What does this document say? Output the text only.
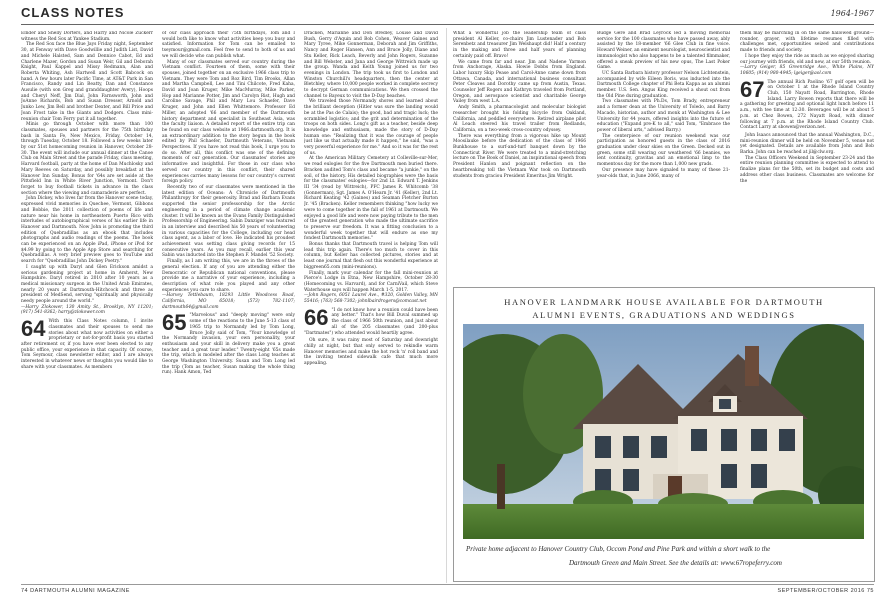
CLASS NOTES	1964-1967

Elnder and Shelly Dorters, and Harry and Nicole Zuckerr witness the Red Sox at Yankee Stadium.

The Red Sox face the Blue Jays Friday night, September 30, at Fenway with Dave Goodwillie and Judith List, David and Michele Halsted, Sam and Dennice Cabot, Ed and Charlene Mazer, Gordon and Susan Weir, Gil and Deborah Knight, Paul Kappel and Missy Redmann, Alan and Roberta Whiting, Ash Hartwell and Scott Babcock on hand. A few hours later Pacific Time, at AT&T Park in San Francisco, Randy and Lin Beatty, Dan and Constance Ausulie (with son Greg and granddaughter Avery), Hoops and Cheryl Neff, Jim Dial, John Farnsworth, John and JoAnne Richards, Bob and Susan Dresser, Arnold and Junko Lew, Jim Bell and brother Dexter, and Bill Price and Joan Frost take in the Giants and Dodgers. Class mini-reunion chair Tom Ferry put it all together.

Minis go through October with more than 100 classmates, spouses and partners for the 75th birthday bash in Santa Fe, New Mexico, Friday, October 14, through Tuesday, October 18. Followed a few weeks later by our 51st homecoming reunion in Hanover, October 28-30. The event will include our annual dinner at the Canoe Club on Main Street and the parade Friday, class meeting, Harvard football, party at the home of Dan Muchlosky and Mary Reeves on Saturday, and possibly breakfast at the Hanover Inn Sunday. Bonus for '64s are set aside at the Pittsfield Inn in White River Junction, Vermont. Don't forget to buy football tickets in advance in the class section where the viewing and camaraderie are perfect.

John Dickey, who lives far from the Hanover scene today, expressed vivid memories in Quechee, Vermont, Gibbons and Bobbie, the 2011 collection of poems of life and nature near his home in northeastern Puerto Rico with interludes of autobiographical verses of his earlier life in Hanover and Dartmouth. Now John is promoting the third edition of Quebradillas as an ebook that includes photographs and audio readings of the poems. The book can be experienced on an Apple iPad, iPhone or iPod for $4.99 by going to the Apple App Store and searching for Quebradillas. A very brief preview goes to YouTube and search for "Quebradillas John Dickey Poetry."

I caught up with Daryl and Glen Erickson amidst a serious gardening project at home in Amherst, New Hampshire. Daryl retired in 2010 after 10 years as a medical missionary surgeon in the United Arab Emirates, nearly 20 years at Dartmouth-Hitchcock and three as president of MedSend, serving "spiritually and physically needy people around the world."

—Harry Zlokower, 130 Amity St., Brooklyn, NY 11201; (917) 541-8362; harry@zlokower.com

64 With this Class Notes column, I invite classmates and their spouses to send me stories about what now activities on either a proprietary or not-for-profit basis you started after retirement or, if you have ever been elected to any public office, your experience in that capacity. Of course, Tom Seymour, class newsletter editor, and I are always interested in whatever news or thoughts you would like to share with your classmates. As members

of our class approach their 75th birthdays, Tom and I would both like to know what activities keep you busy and satisfied. Information for Tom can be emailed to tseymour@gmail.com. Feel free to send to both of us and we will decide who can publish what.

Many of our classmates served our country during the Vietnam conflict. Fourteen of them, some with their spouses, joined together on an exclusive 1966 class trip to Vietnam. They were Tom and Roz Bird, Tim Brooks, Allan and Martha Campbell, Lee and Tini Chilcote, Fred Kaha, David and Joan Kruger, Mike MacMurray, Mike Parker, Hop and Marianne Potter, Jim and Carolyn Rist, Hugh and Caroline Savage, Phil and Mary Lou Schaefer, Dave Kruger, and John and Ellen Whittemore. Professor Ed Miller, an adopted '66 and member of the Dartmouth history department and specialist in Southeast Asia, was the faculty liaison. A detailed report of the entire trip can be found on our class website at 1966.dartmouth.org. It is an extraordinary addition to the story begun in the book edited by Phil Schaefer, Dartmouth Veterans, Vietnam Perspectives. If you have not read this book, I urge you to do so. After all, this conflict was one of the defining moments of our generation. Our classmates' stories are informative and insightful. For those in our class who served our country in this conflict, their shared experiences carries many lessons for our country's current foreign policy.

Recently two of our classmates were mentioned in the latest edition of Oceans: A Chronicle of Dartmouth Philanthropy for their generosity. Brad and Barbara Evans supported the senior professorship for the Arctic engineering in a period of climate change academic cluster. It will be known as the Evans Family Distinguished Professorship of Engineering. Sabin Danziger was featured in an interview and described his 50 years of volunteering in various capacities for the College, including our head class agent, as a labor of love. He indicated his proudest achievement was setting class giving records for 15 consecutive years. As you may recall, earlier this year Sabin was inducted into the Stephen F. Mandel '52 Society.

Finally, as I am writing this, we are in the throes of the general election. If any of you are attending either the Democratic or Republican national conventions, please provide me a narrative of your experience, including a description of what role you played and any other experiences you care to share.

—Harvey Tettlebaum, 18293 Little Woodcess Road, California, MO 65018; (573) 782-1107; dartmouth64@gmail.com

65 "Marvelous" and "deeply moving" were only some of the reactions to the June 5-13 class of 1965 trip to Normandy led by Tom Long, Bruce Jolly said of Tom, "Your knowledge of the Normandy invasion, your own personality, your enthusiasm and your skill in delivery make you a great teacher and a great tour leader." Twenty-eight '65s made the trip, which is modeled after the class Long teaches at George Washington University. Susan and Tom Long led the trip (Tom as teacher, Susan making the whole thing run). Hank Amon, Ted

Dracken, Marianne and Don Bredley, Louise and David Bush, Gerry d'Aquin and Bob Cohen, Weaver Gaines and Mary Tyree, Mike Gonnerman, Deborah and Jim Griffiths, Nancy and Roger Hansen, Ann and Bruce Jolly, Diane and Stu Keller, Rick Leach, Beverly and John Rogers, Suzanne and Bill Webster, and Jana and George Wittreich made up the group. Wanda and Keith Young joined us for two evenings in London. The trip took us first to London and Winston Churchill's headquarters, then the center at Bletchley, where 10,000 people worked in complete secrecy to decrypt German communications. We then crossed the channel to Bayeux to visit the D-Day beaches.

We traveled those Normandy shores and learned about the brilliant deception (Hitler was sure the landing would be at the Pas de Calais); the good, bad and tragic luck; the scrambled logistics; and the grit and determination of the troops on both sides. Long's gift as a teacher, beside deep knowledge and enthusiasm, made the story of D-Day human one: "Realizing that it was the courage of people just like us that actually made it happen," he said, "was a very powerful experience for me." And so it was for the rest of us.

At the American Military Cemetery at Colleville-sur-Mer, we read eulogies for the five Dartmouth men buried there. Bracken audited Tom's class and became "a junkie," on the soil, of the history. His detailed biographies were the basis for the classmates' eulogies—for 2nd Lt. Edward T. Jenkins III '34 (read by Wittreich), PFC James R. Whitcomb '38 (Gonnerman), Sgt. James A. O'Hearn Jr. '41 (Keller), 2nd Lt. Richard Keating '42 (Gaines) and Seaman Fletcher Burton Jr. '45 (Bracken). Keller remembers thinking "how lucky we were to come together in the fall of 1961 at Dartmouth. We enjoyed a good life and were now paying tribute to the men of the greatest generation who made the ultimate sacrifice to preserve our freedom. It was a fitting conclusion to a wonderful week together that will endure as one my fondest Dartmouth memories."

Bonus thanks that Dartmouth travel is helping Tom will lead this trip again. There's too much to cover in this column, but Keller has collected pictures, stories and at least one journal that flesh out this wonderful experience at biggreen65.com (mini-reunions).

Finally, mark your calendar for the fall mini-reunion at Pierce's Lodge in Etna, New Hampshire, October 28-30 (Homecoming vs. Harvard), and for CarniVail, which Steve Waterhouse says will happen March 1-5, 2017.

—John Rogers, 6051 Laurel Ave., #320, Golden Valley, MN 55416; (763) 568-7302; johnlbairdrogers@comcast.net

66 "I do not know how a reunion could have been any better." That's how Bill Duval summed up the class of 1966 50th reunion, and just about all of the 205 classmates (and 200-plus "Dartmates") who attended would heartily agree.

Oh sure, it was rainy most of Saturday and downright chilly at night, but that only served to rekindle warm Hanover memories and make the hot rock 'n' roll band and the inviting tented sidewalk cafe that much more appealing.

What a wonderful job the leadership team of class president Al Keller, co-chairs Jim Lustenader and Bob Serenbetz and treasurer Jim Welshaupt did! Half a century in the making and three and half years of planning certainly paid off. Bravo!

We came from far and near. Jim and Nadene Yarmon from Anchorage, Alaska. Howie Dobbs from England. Labor luxury Skip Pease and Carol-Anne came down from Ottawa, Canada, and international business consultant Peter Cleaves and Dorothy came up from Austin, Texas. Counselor Jeff Rogers and Kathryn traveled from Portland, Oregon, and aerospace scientist and charitable George Vailey from west L.A.

Andy Smith, a pharmacologist and molecular biologist researcher brought his folding bicycle from Oakland, California, and peddled everywhere. Retired airplane pilot Al Leach steered his travel trailer from Redlands, California, on a two-week cross-country odyssey.

There was everything from a vigorous hike up Mount Moosilauke before the dedication of the class of 1966 Bunkhouse to a surf-and-turf banquet down by the Connecticut River. We were treated to a mind-stretching lecture on The Book of Daniel, an inspirational speech from President Hanlon and poignant reflection on the heartbreaking toll the Vietnam War took on Dartmouth students from graciou President Emeritus Jim Wright.

Budge Gere and Brad Leyrock led a moving memorial service for the 100 classmates who have passed away, ably assisted by the 18-member '66 Glee Club in fine voice. Howard Weiner, an eminent neurologist, neuroscientist and immunologist who also happens to be a talented filmmaker, offered a sneak preview of his new opus, The Last Poker Game.

UC Santa Barbara history professor Nelson Lichtenstein, accompanied by wife Eileen Boris, was inducted into the Dartmouth College chapter of Phi Beta Kappa as an alumni member. U.S. Sen. Angus King received a shout out from the Old Pine during graduation.

Two classmates with Ph.Ds, Tom Brady, entrepreneur and a former dean at the University of Toledo, and Barry Macado, historian, author and monk at Washington & Lee University for 44 years, offered insights into the future of education ("Expand pre-K to all," said Tom, "Embrace the power of liberal arts," advised Barry.)

The centerpiece of our reunion weekend was our participation as honored guests in the class of 2016 graduation under clear skies on the Green. Decked out in green, some still wearing our weathered '66 beanies, we lent continuity, gravitas and an emotional limp to the momentous day for the more than 1,000 new grads.

Our presence may have signaled to many of these 21-year-olds that, in June 2066, many of

them may be marching in on the same hallowed ground—rounder, grayer, with lifetime resumes filled with challenges met, opportunities seized and contributions made to friends and society.

I hope they enjoy the ride as much as we enjoyed sharing our journey with friends, old and new, at our 50th reunion.

—Larry Geiger, 85 Greenridge Ave., White Plains, NY 10605; (914) 980-4945; lgeiger@aol.com

67 The annual Rich Paolino '67 golf open will be on October 1 at the Rhode Island Country Club, 150 Nayatt Road, Barrington, Rhode Island. Larry Bowen reports that there will be a gathering for greeting and optional light lunch before 11 a.m., with tee time at 12:30. Beverages will be at about 5 p.m. at Chez Bowen, 272 Nayatt Road, with dinner following at 7 p.m. at the Rhode Island Country Club. Contact Larry at sbowen@verizon.net.

John Isaacs announced that the annual Washington, D.C., mini-reunion dinner will be held on November 5, venue not yet designated. Details are available from John and Bob Barka. John can be reached at jil@clw.org.

The Class Officers Weekend in September 23-24 and the entire reunion planning committee is expected to attend to finalize plans for the 50th, set its budget and costs and address other class business. Classmates are welcome for the

HANOVER LANDMARK HOUSE AVAILABLE FOR DARTMOUTH
ALUMNI EVENTS, GRADUATIONS AND WEDDINGS
Private home adjacent to Hanover Country Club, Occom Pond and Pine Park and within a short walk to the
Dartmouth Green and Main Street. See the details at: www.67ropeferry.com
74 DARTMOUTH ALUMNI MAGAZINE	SEPTEMBER/OCTOBER 2016 75
